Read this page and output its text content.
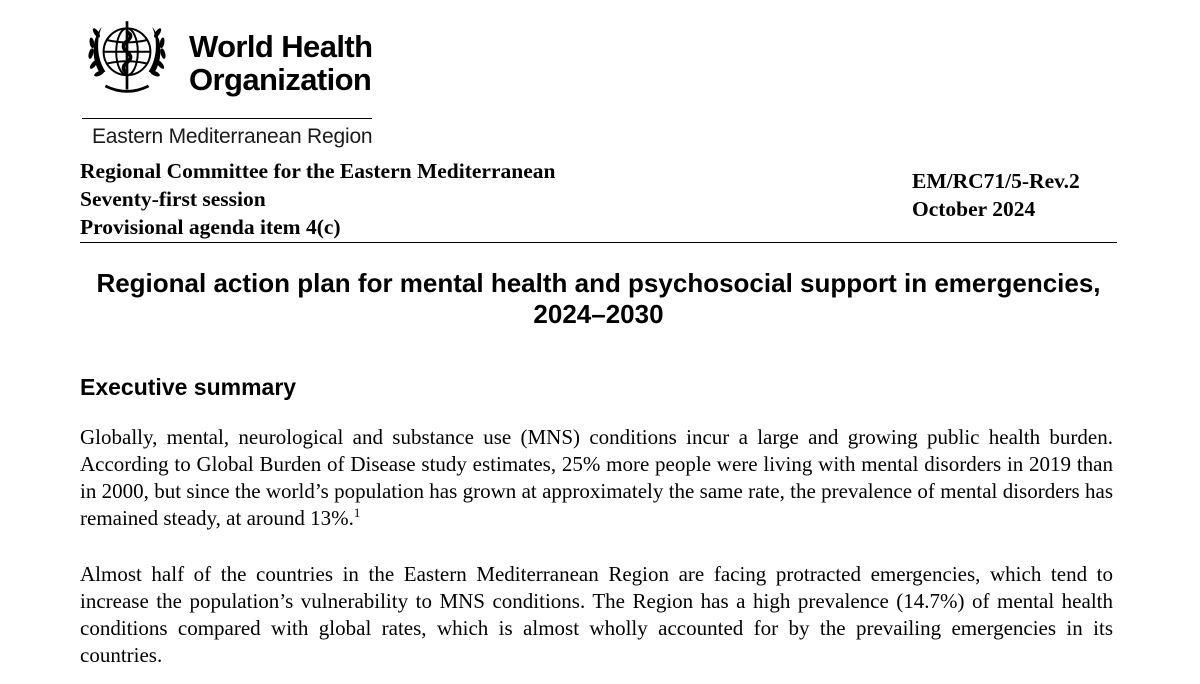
World Health
Organization
Eastern Mediterranean Region
Regional Committee for the Eastern Mediterranean
Seventy-first session
Provisional agenda item 4(c)
EM/RC71/5-Rev.2
October 2024
Regional action plan for mental health and psychosocial support in emergencies, 2024–2030
Executive summary

Globally, mental, neurological and substance use (MNS) conditions incur a large and growing public health burden. According to Global Burden of Disease study estimates, 25% more people were living with mental disorders in 2019 than in 2000, but since the world’s population has grown at approximately the same rate, the prevalence of mental disorders has remained steady, at around 13%.$^1$

Almost half of the countries in the Eastern Mediterranean Region are facing protracted emergencies, which tend to increase the population’s vulnerability to MNS conditions. The Region has a high prevalence (14.7%) of mental health conditions compared with global rates, which is almost wholly accounted for by the prevailing emergencies in its countries.
